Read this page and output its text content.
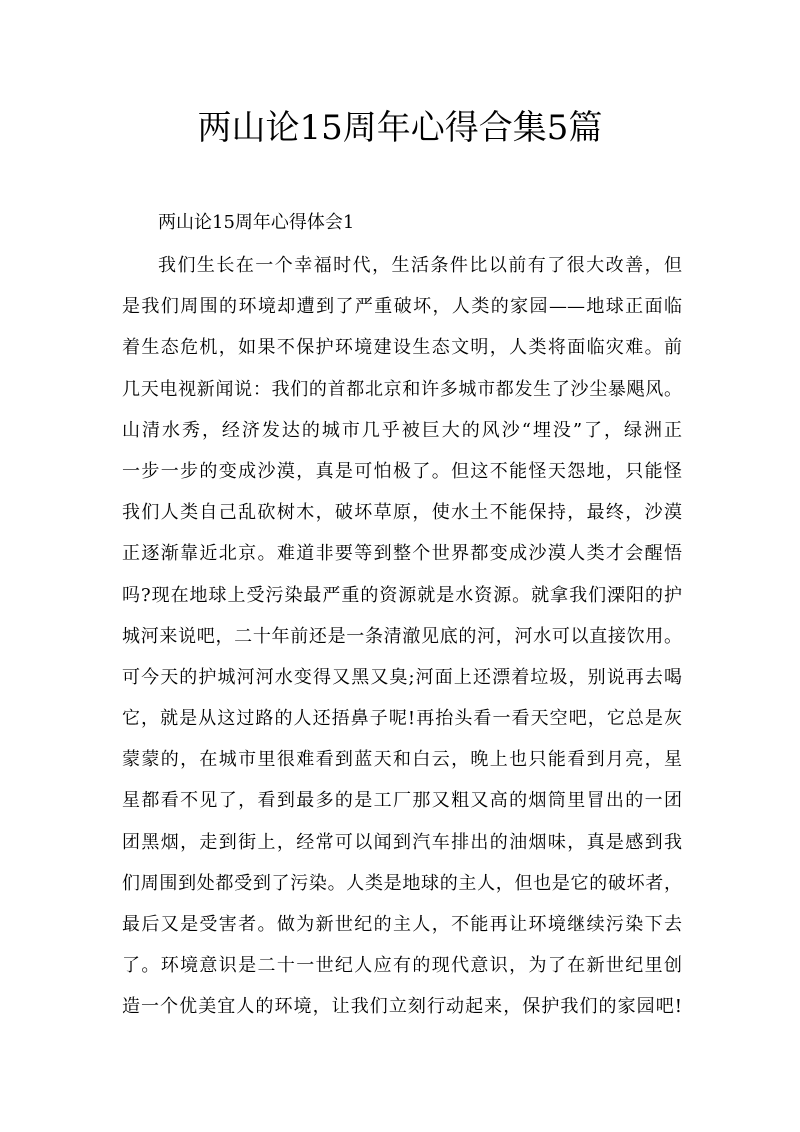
两山论15周年心得合集5篇

两山论15周年心得体会1

我们生长在一个幸福时代，生活条件比以前有了很大改善，但
是我们周围的环境却遭到了严重破坏，人类的家园——地球正面临
着生态危机，如果不保护环境建设生态文明，人类将面临灾难。前
几天电视新闻说：我们的首都北京和许多城市都发生了沙尘暴飓风。
山清水秀，经济发达的城市几乎被巨大的风沙“埋没”了，绿洲正
一步一步的变成沙漠，真是可怕极了。但这不能怪天怨地，只能怪
我们人类自己乱砍树木，破坏草原，使水土不能保持，最终，沙漠
正逐渐靠近北京。难道非要等到整个世界都变成沙漠人类才会醒悟
吗?现在地球上受污染最严重的资源就是水资源。就拿我们溧阳的护
城河来说吧，二十年前还是一条清澈见底的河，河水可以直接饮用。
可今天的护城河河水变得又黑又臭;河面上还漂着垃圾，别说再去喝
它，就是从这过路的人还捂鼻子呢!再抬头看一看天空吧，它总是灰
蒙蒙的，在城市里很难看到蓝天和白云，晚上也只能看到月亮，星
星都看不见了，看到最多的是工厂那又粗又高的烟筒里冒出的一团
团黑烟，走到街上，经常可以闻到汽车排出的油烟味，真是感到我
们周围到处都受到了污染。人类是地球的主人，但也是它的破坏者，
最后又是受害者。做为新世纪的主人，不能再让环境继续污染下去
了。环境意识是二十一世纪人应有的现代意识，为了在新世纪里创
造一个优美宜人的环境，让我们立刻行动起来，保护我们的家园吧!
